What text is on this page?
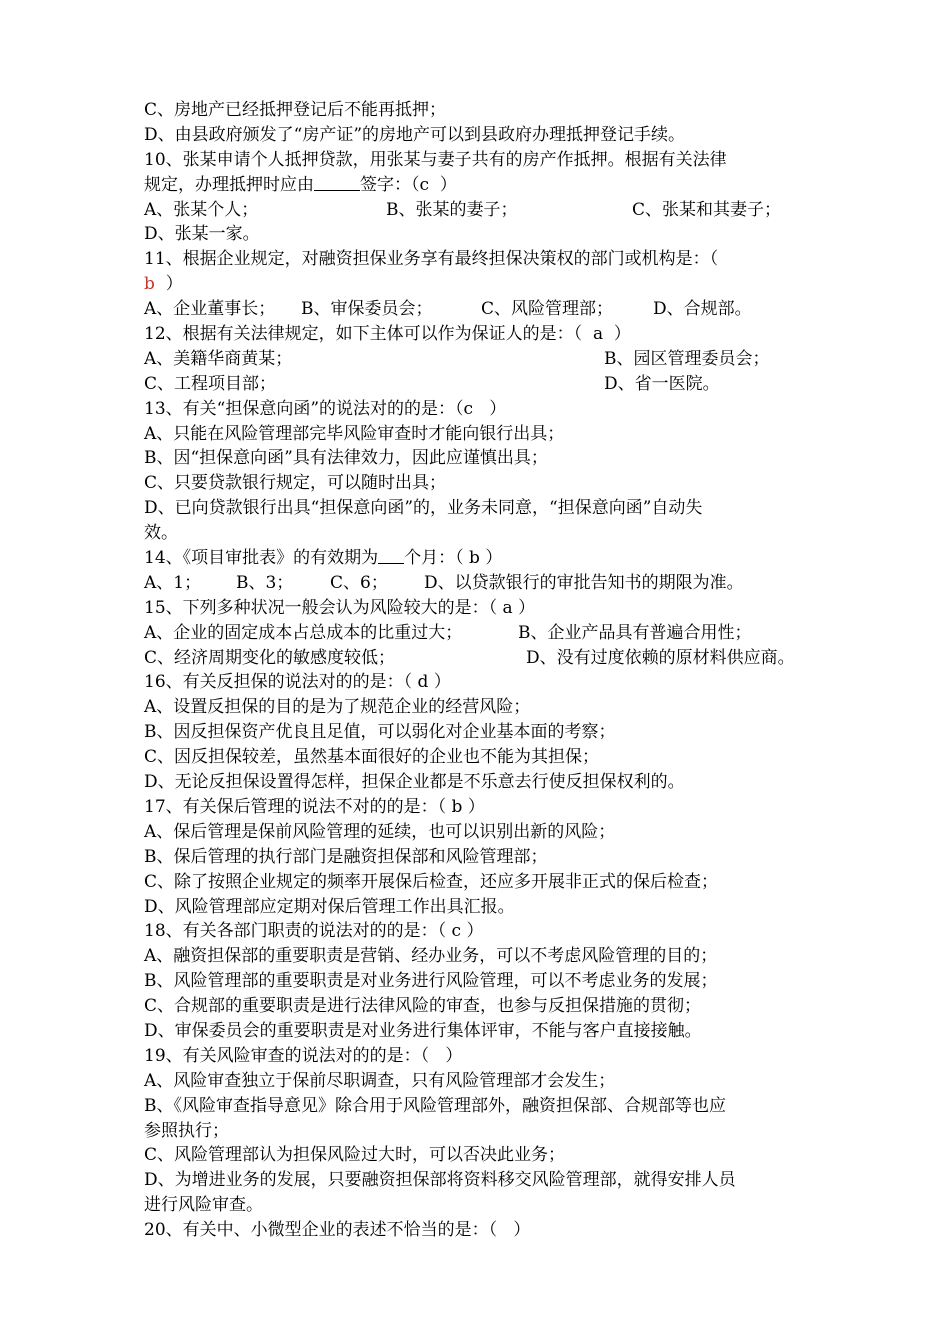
C、房地产已经抵押登记后不能再抵押；
D、由县政府颁发了“房产证”的房地产可以到县政府办理抵押登记手续。
10、张某申请个人抵押贷款，用张某与妻子共有的房产作抵押。根据有关法律
规定，办理抵押时应由	签字：（c  ）
A、张某个人；	B、张某的妻子；	C、张某和其妻子；
D、张某一家。
11、根据企业规定，对融资担保业务享有最终担保决策权的部门或机构是：（
b  ）
A、企业董事长；	B、审保委员会；	C、风险管理部；	D、合规部。
12、根据有关法律规定，如下主体可以作为保证人的是：（  a  ）
A、美籍华商黄某；	B、园区管理委员会；
C、工程项目部；	D、省一医院。
13、有关“担保意向函”的说法对的的是：（c   ）
A、只能在风险管理部完毕风险审查时才能向银行出具；
B、因“担保意向函”具有法律效力，因此应谨慎出具；
C、只要贷款银行规定，可以随时出具；
D、已向贷款银行出具“担保意向函”的，业务未同意，“担保意向函”自动失
效。
14、《项目审批表》的有效期为 个月：（ b ）
A、1；	B、3；	C、6；	D、以贷款银行的审批告知书的期限为准。
15、下列多种状况一般会认为风险较大的是：（ a ）
A、企业的固定成本占总成本的比重过大；	B、企业产品具有普遍合用性；
C、经济周期变化的敏感度较低；	D、没有过度依赖的原材料供应商。
16、有关反担保的说法对的的是：（ d ）
A、设置反担保的目的是为了规范企业的经营风险；
B、因反担保资产优良且足值，可以弱化对企业基本面的考察；
C、因反担保较差，虽然基本面很好的企业也不能为其担保；
D、无论反担保设置得怎样，担保企业都是不乐意去行使反担保权利的。
17、有关保后管理的说法不对的的是：（ b ）
A、保后管理是保前风险管理的延续，也可以识别出新的风险；
B、保后管理的执行部门是融资担保部和风险管理部；
C、除了按照企业规定的频率开展保后检查，还应多开展非正式的保后检查；
D、风险管理部应定期对保后管理工作出具汇报。
18、有关各部门职责的说法对的的是：（ c ）
A、融资担保部的重要职责是营销、经办业务，可以不考虑风险管理的目的；
B、风险管理部的重要职责是对业务进行风险管理，可以不考虑业务的发展；
C、合规部的重要职责是进行法律风险的审查，也参与反担保措施的贯彻；
D、审保委员会的重要职责是对业务进行集体评审，不能与客户直接接触。
19、有关风险审查的说法对的的是：（   ）
A、风险审查独立于保前尽职调查，只有风险管理部才会发生；
B、《风险审查指导意见》除合用于风险管理部外，融资担保部、合规部等也应
参照执行；
C、风险管理部认为担保风险过大时，可以否决此业务；
D、为增进业务的发展，只要融资担保部将资料移交风险管理部，就得安排人员
进行风险审查。
20、有关中、小微型企业的表述不恰当的是：（   ）
